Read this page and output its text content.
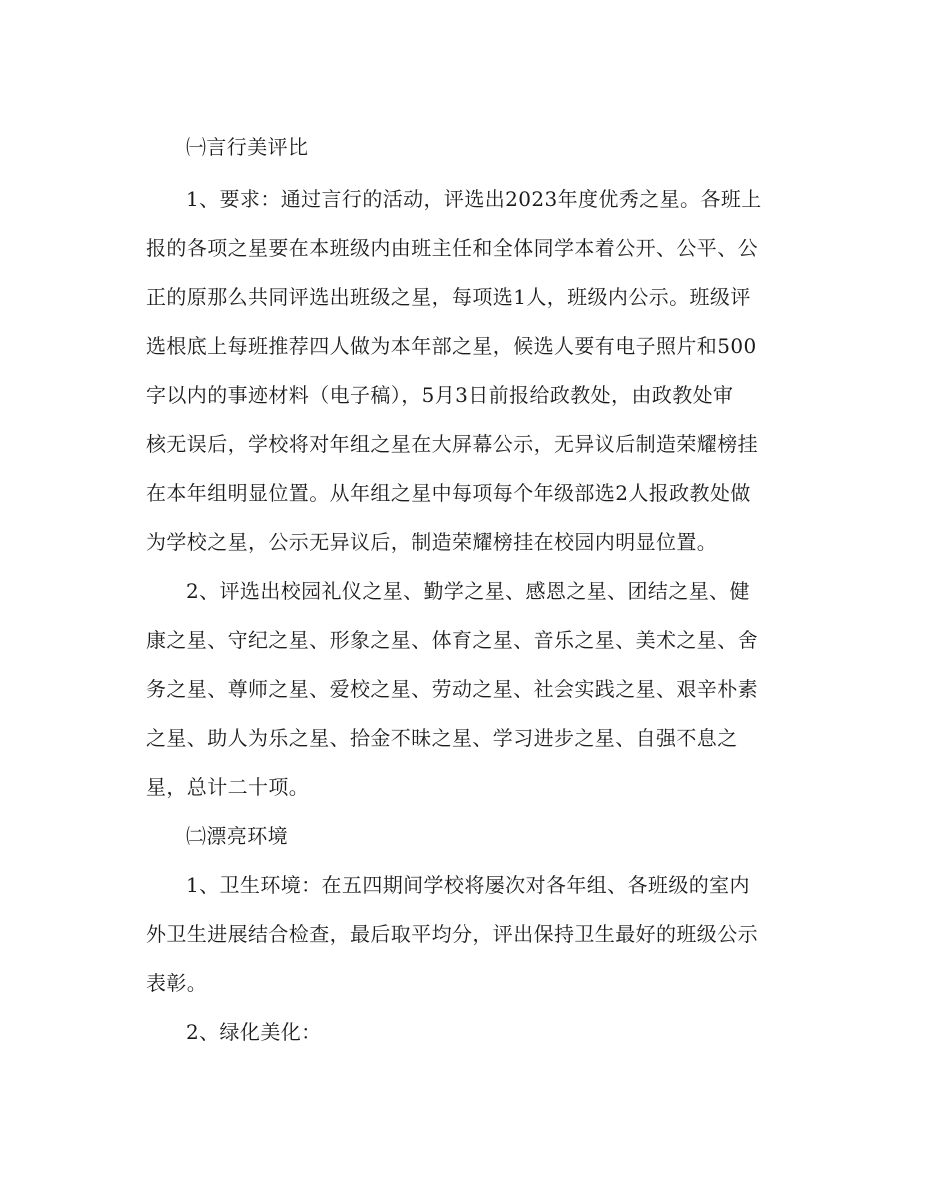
㈠言行美评比

1、要求：通过言行的活动，评选出2023年度优秀之星。各班上

报的各项之星要在本班级内由班主任和全体同学本着公开、公平、公

正的原那么共同评选出班级之星，每项选1人，班级内公示。班级评

选根底上每班推荐四人做为本年部之星，候选人要有电子照片和500

字以内的事迹材料（电子稿），5月3日前报给政教处，由政教处审

核无误后，学校将对年组之星在大屏幕公示，无异议后制造荣耀榜挂

在本年组明显位置。从年组之星中每项每个年级部选2人报政教处做

为学校之星，公示无异议后，制造荣耀榜挂在校园内明显位置。

2、评选出校园礼仪之星、勤学之星、感恩之星、团结之星、健

康之星、守纪之星、形象之星、体育之星、音乐之星、美术之星、舍

务之星、尊师之星、爱校之星、劳动之星、社会实践之星、艰辛朴素

之星、助人为乐之星、拾金不昧之星、学习进步之星、自强不息之

星，总计二十项。

㈡漂亮环境

1、卫生环境：在五四期间学校将屡次对各年组、各班级的室内

外卫生进展结合检查，最后取平均分，评出保持卫生最好的班级公示

表彰。

2、绿化美化：
